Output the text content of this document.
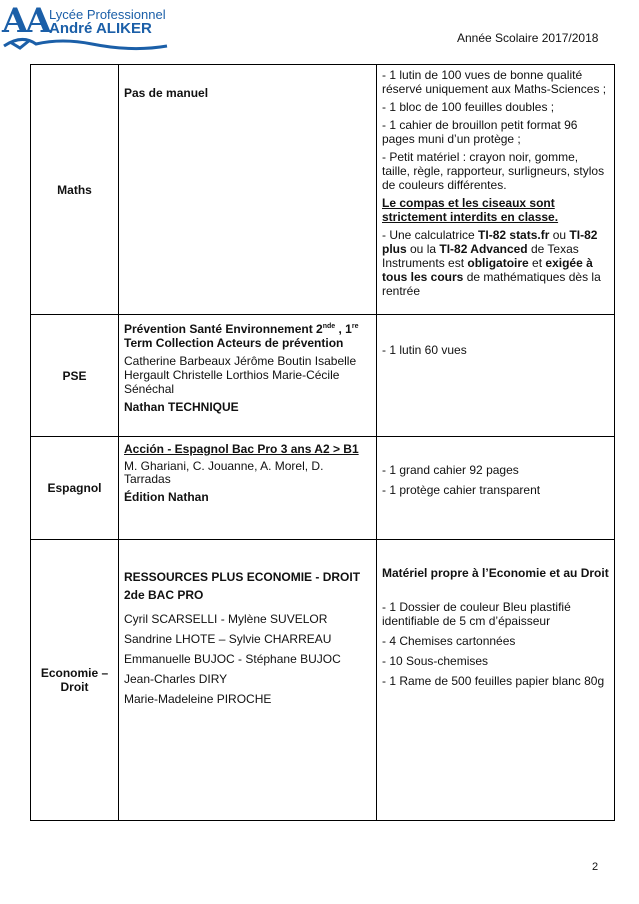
AA Lycée Professionnel
André ALIKER
Année Scolaire 2017/2018
Maths

Pas de manuel

- 1 lutin de 100 vues de bonne qualité réservé uniquement aux Maths-Sciences ;

- 1 bloc de 100 feuilles doubles ;

- 1 cahier de brouillon petit format 96 pages muni d’un protège ;

- Petit matériel : crayon noir, gomme, taille, règle, rapporteur, surligneurs, stylos de couleurs différentes.

Le compas et les ciseaux sont strictement interdits en classe.

- Une calculatrice TI-82 stats.fr ou TI-82 plus ou la TI-82 Advanced de Texas Instruments est obligatoire et exigée à tous les cours de mathématiques dès la rentrée

PSE

Prévention Santé Environnement 2nde , 1re
Term Collection Acteurs de prévention

Catherine Barbeaux Jérôme Boutin Isabelle Hergault Christelle Lorthios Marie-Cécile Sénéchal

Nathan TECHNIQUE

- 1 lutin 60 vues

Espagnol

Acción - Espagnol Bac Pro 3 ans A2 > B1

M. Ghariani, C. Jouanne, A. Morel, D. Tarradas

Édition Nathan

- 1 grand cahier 92 pages

- 1 protège cahier transparent

Economie – Droit

RESSOURCES PLUS ECONOMIE - DROIT

2de BAC PRO

Cyril SCARSELLI - Mylène SUVELOR

Sandrine LHOTE – Sylvie CHARREAU

Emmanuelle BUJOC - Stéphane BUJOC

Jean-Charles DIRY

Marie-Madeleine PIROCHE

Matériel propre à l’Economie et au Droit

- 1 Dossier de couleur Bleu plastifié identifiable de 5 cm d’épaisseur

- 4 Chemises cartonnées

- 10 Sous-chemises

- 1 Rame de 500 feuilles papier blanc 80g

2
